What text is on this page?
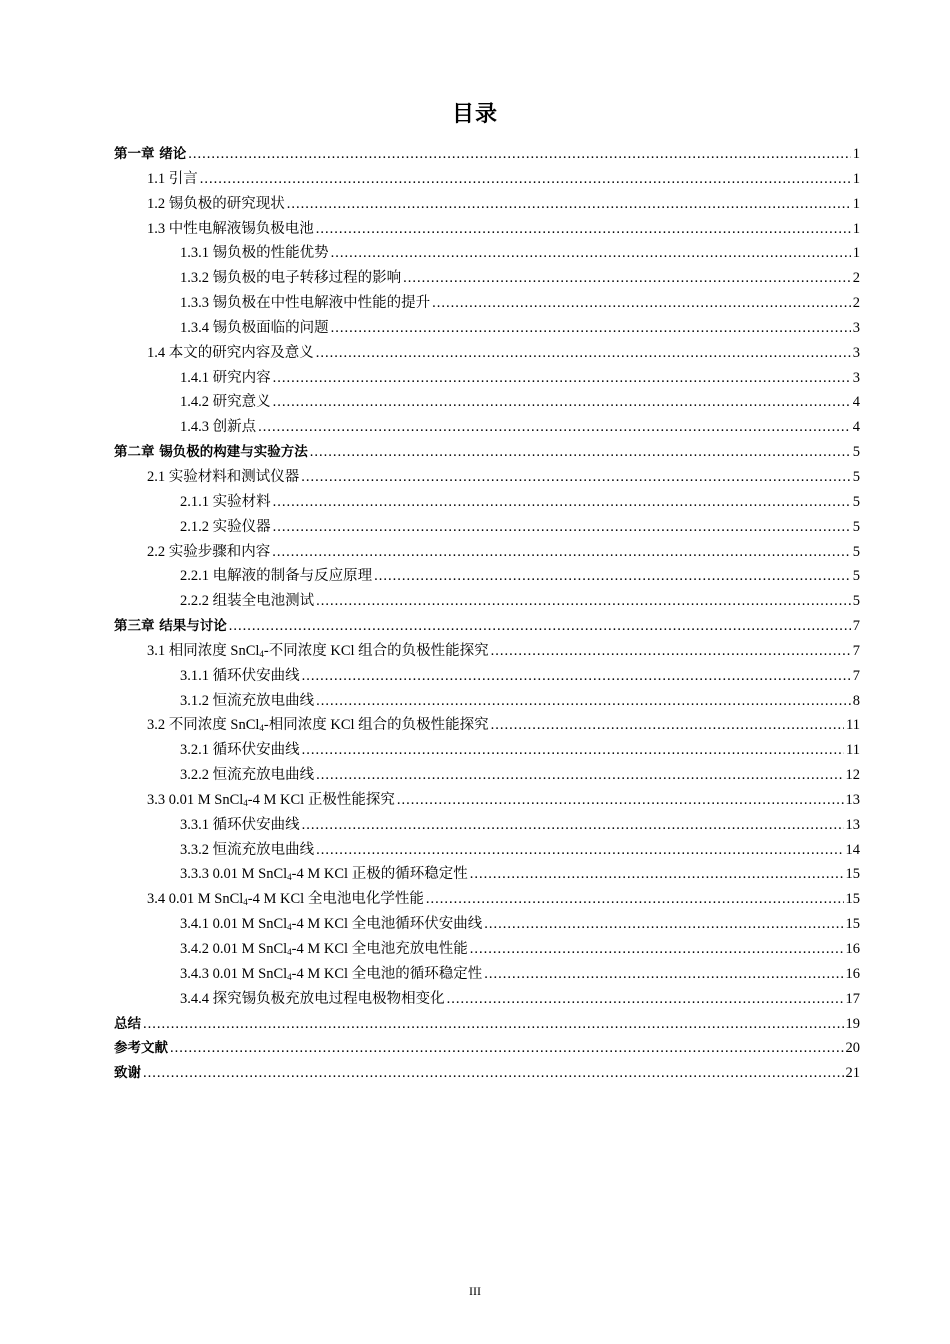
目录
第一章 绪论 .....	1
1.1 引言 .....	1
1.2 锡负极的研究现状 .....	1
1.3 中性电解液锡负极电池 .....	1
1.3.1 锡负极的性能优势 .....	1
1.3.2 锡负极的电子转移过程的影响 .....	2
1.3.3 锡负极在中性电解液中性能的提升 .....	2
1.3.4 锡负极面临的问题 .....	3
1.4 本文的研究内容及意义 .....	3
1.4.1 研究内容 .....	3
1.4.2 研究意义 .....	4
1.4.3 创新点 .....	4
第二章 锡负极的构建与实验方法 .....	5
2.1 实验材料和测试仪器 .....	5
2.1.1 实验材料 .....	5
2.1.2 实验仪器 .....	5
2.2 实验步骤和内容 .....	5
2.2.1 电解液的制备与反应原理 .....	5
2.2.2 组装全电池测试 .....	5
第三章 结果与讨论 .....	7
3.1 相同浓度 SnCl$_4$-不同浓度 KCl 组合的负极性能探究 .....	7
3.1.1 循环伏安曲线 .....	7
3.1.2 恒流充放电曲线 .....	8
3.2 不同浓度 SnCl$_4$-相同浓度 KCl 组合的负极性能探究 .....	11
3.2.1 循环伏安曲线 .....	11
3.2.2 恒流充放电曲线 .....	12
3.3 0.01 M SnCl$_4$-4 M KCl 正极性能探究 .....	13
3.3.1 循环伏安曲线 .....	13
3.3.2 恒流充放电曲线 .....	14
3.3.3 0.01 M SnCl$_4$-4 M KCl 正极的循环稳定性 .....	15
3.4 0.01 M SnCl$_4$-4 M KCl 全电池电化学性能 .....	15
3.4.1 0.01 M SnCl$_4$-4 M KCl 全电池循环伏安曲线 .....	15
3.4.2 0.01 M SnCl$_4$-4 M KCl 全电池充放电性能 .....	16
3.4.3 0.01 M SnCl$_4$-4 M KCl 全电池的循环稳定性 .....	16
3.4.4 探究锡负极充放电过程电极物相变化 .....	17
总结 .....	19
参考文献 .....	20
致谢 .....	21
III
